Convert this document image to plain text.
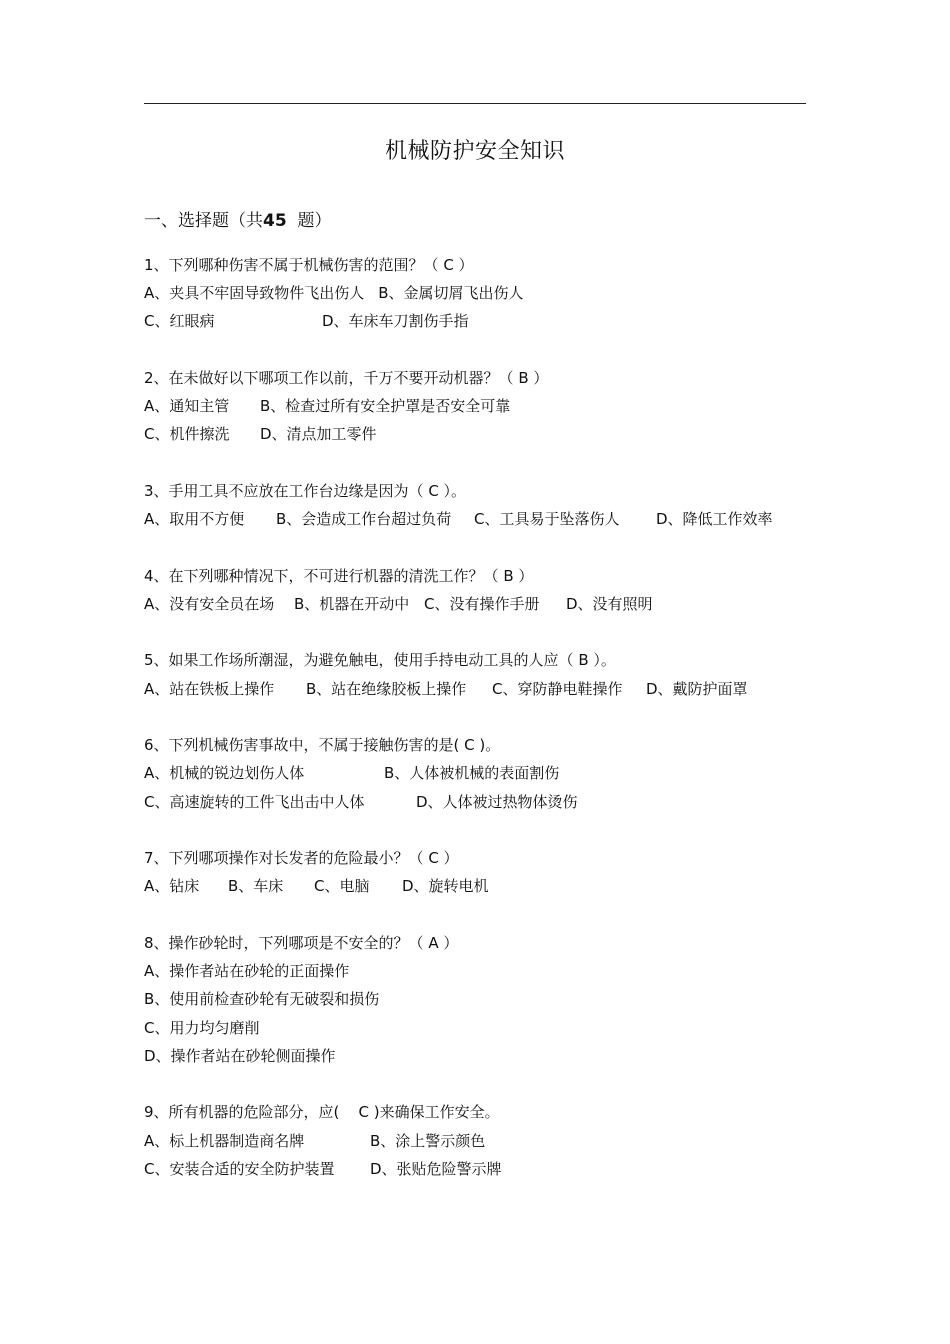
机械防护安全知识
一、选择题（共45  题）
1、下列哪种伤害不属于机械伤害的范围？（ C ）
A、夹具不牢固导致物件飞出伤人 B、金属切屑飞出伤人
C、红眼病	D、车床车刀割伤手指
2、在未做好以下哪项工作以前，千万不要开动机器？（ B ）
A、通知主管 B、检查过所有安全护罩是否安全可靠
C、机件擦洗 D、清点加工零件
3、手用工具不应放在工作台边缘是因为（ C ）。
A、取用不方便 B、会造成工作台超过负荷 C、工具易于坠落伤人 D、降低工作效率
4、在下列哪种情况下，不可进行机器的清洗工作？（ B ）
A、没有安全员在场 B、机器在开动中 C、没有操作手册 D、没有照明
5、如果工作场所潮湿，为避免触电，使用手持电动工具的人应（ B ）。
A、站在铁板上操作 B、站在绝缘胶板上操作 C、穿防静电鞋操作 D、戴防护面罩
6、下列机械伤害事故中，不属于接触伤害的是( C )。
A、机械的锐边划伤人体	B、人体被机械的表面割伤
C、高速旋转的工件飞出击中人体	D、人体被过热物体烫伤
7、下列哪项操作对长发者的危险最小？（ C ）
A、钻床 B、车床 C、电脑 D、旋转电机
8、操作砂轮时，下列哪项是不安全的？（ A ）
A、操作者站在砂轮的正面操作
B、使用前检查砂轮有无破裂和损伤
C、用力均匀磨削
D、操作者站在砂轮侧面操作
9、所有机器的危险部分，应(    C )来确保工作安全。
A、标上机器制造商名牌	B、涂上警示颜色
C、安装合适的安全防护装置 D、张贴危险警示牌
